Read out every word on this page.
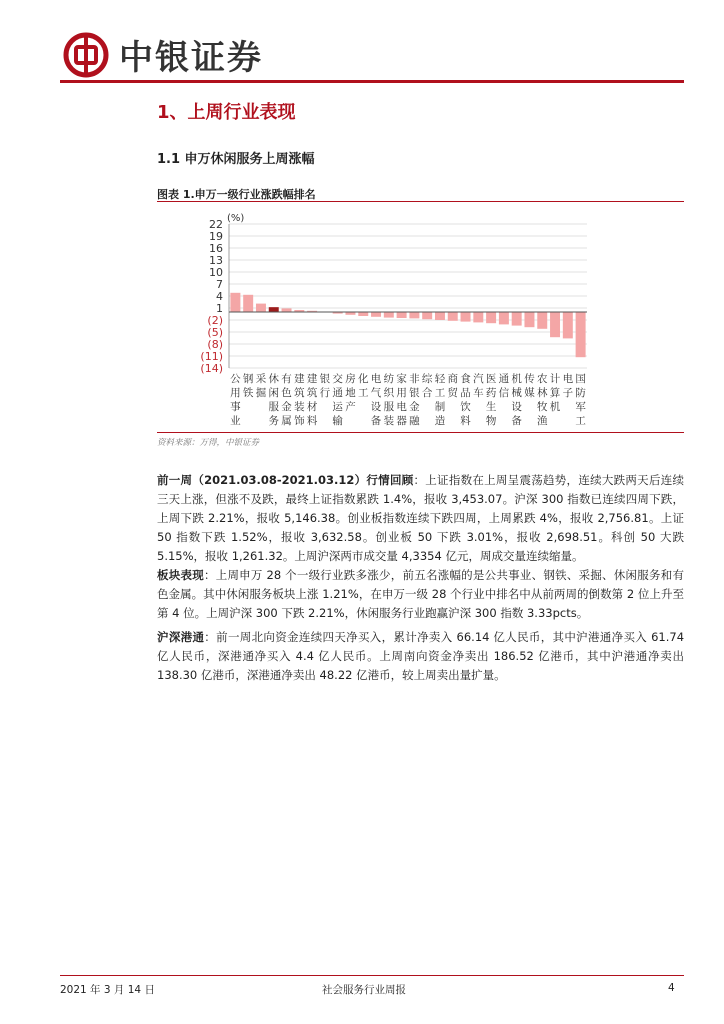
中银证券
1、上周行业表现
1.1 申万休闲服务上周涨幅
图表 1.申万一级行业涨跌幅排名
(%)
22
19
16
13
10
7
4
1
(2)
(5)
(8)
(11)
(14)
公用事业
钢铁
采掘
休闲服务
有色金属
建筑装饰
建筑材料
银行
交通运输
房地产
化工
电气设备
纺织服装
家用电器
非银金融
综合
轻工制造
商贸
食品饮料
汽车
医药生物
通信
机械设备
传媒
农林牧渔
计算机
电子
国防军工
资料来源：万得，中银证券
前一周（2021.03.08-2021.03.12）行情回顾：上证指数在上周呈震荡趋势，连续大跌两天后连续三天上涨，但涨不及跌，最终上证指数累跌 1.4%，报收 3,453.07。沪深 300 指数已连续四周下跌，上周下跌 2.21%，报收 5,146.38。创业板指数连续下跌四周，上周累跌 4%，报收 2,756.81。上证 50 指数下跌 1.52%，报收 3,632.58。创业板 50 下跌 3.01%，报收 2,698.51。科创 50 大跌 5.15%，报收 1,261.32。上周沪深两市成交量 4,3354 亿元，周成交量连续缩量。
板块表现：上周申万 28 个一级行业跌多涨少，前五名涨幅的是公共事业、钢铁、采掘、休闲服务和有色金属。其中休闲服务板块上涨 1.21%，在申万一级 28 个行业中排名中从前两周的倒数第 2 位上升至第 4 位。上周沪深 300 下跌 2.21%，休闲服务行业跑赢沪深 300 指数 3.33pcts。
沪深港通：前一周北向资金连续四天净买入，累计净卖入 66.14 亿人民币，其中沪港通净买入 61.74 亿人民币，深港通净买入 4.4 亿人民币。上周南向资金净卖出 186.52 亿港币，其中沪港通净卖出 138.30 亿港币，深港通净卖出 48.22 亿港币，较上周卖出量扩量。
2021 年 3 月 14 日	社会服务行业周报	4
